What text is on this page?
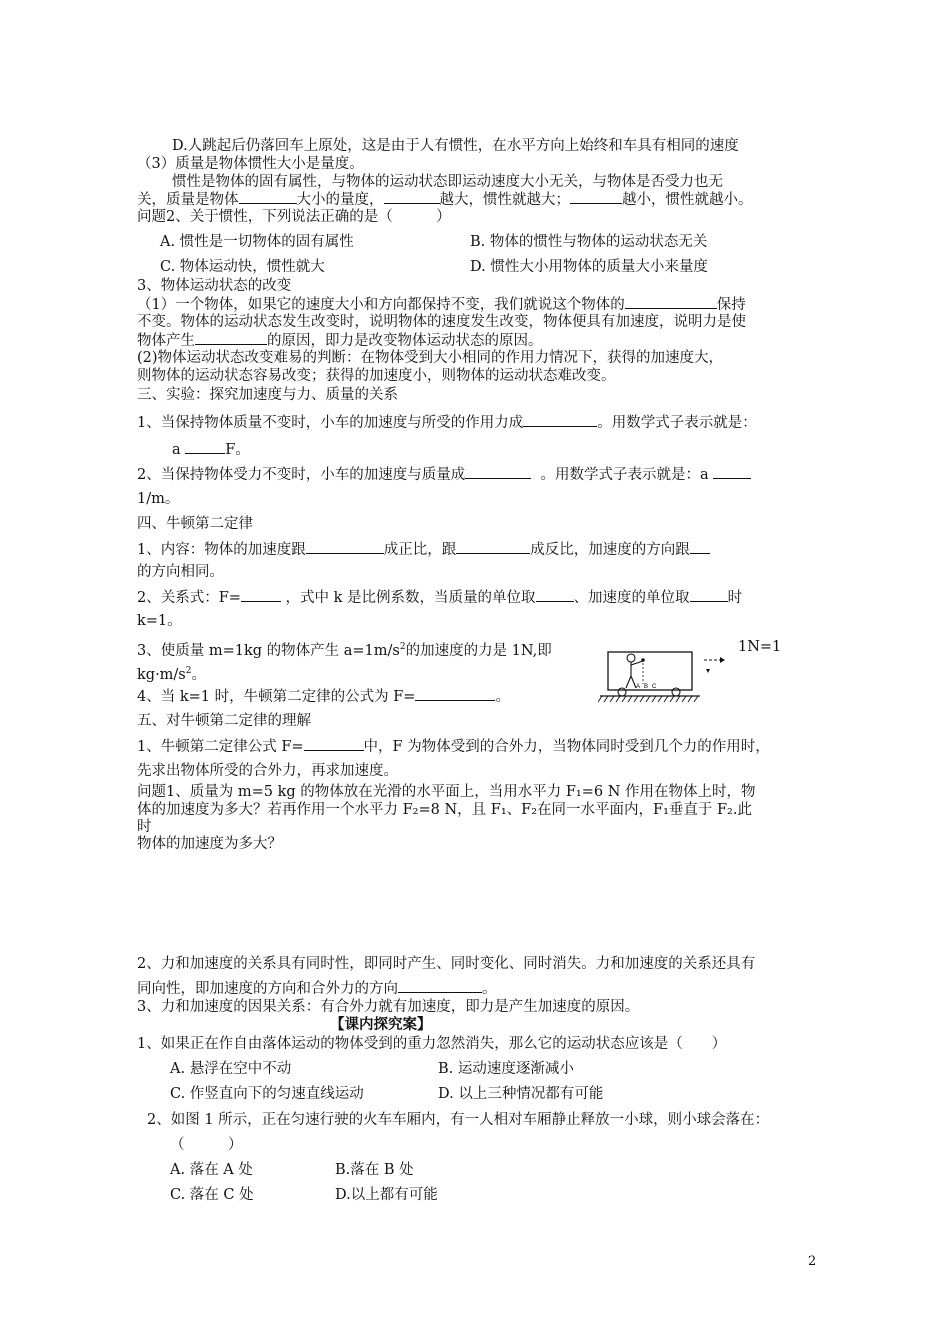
D.人跳起后仍落回车上原处，这是由于人有惯性，在水平方向上始终和车具有相同的速度
（3）质量是物体惯性大小是量度。
惯性是物体的固有属性，与物体的运动状态即运动速度大小无关，与物体是否受力也无
关，质量是物体	大小的量度，	越大，惯性就越大；	越小，惯性就越小。
问题2、关于惯性，下列说法正确的是（　　　）
A. 惯性是一切物体的固有属性	B. 物体的惯性与物体的运动状态无关
C. 物体运动快，惯性就大	D. 惯性大小用物体的质量大小来量度
3、物体运动状态的改变
（1）一个物体，如果它的速度大小和方向都保持不变，我们就说这个物体的	保持
不变。物体的运动状态发生改变时，说明物体的速度发生改变，物体便具有加速度，说明力是使
物体产生	的原因，即力是改变物体运动状态的原因。
(2)物体运动状态改变难易的判断：在物体受到大小相同的作用力情况下，获得的加速度大，
则物体的运动状态容易改变；获得的加速度小，则物体的运动状态难改变。
三、实验：探究加速度与力、质量的关系
1、当保持物体质量不变时，小车的加速度与所受的作用力成	。用数学式子表示就是：
a	F。
2、当保持物体受力不变时，小车的加速度与质量成	。用数学式子表示就是：a
1/m。
四、牛顿第二定律
1、内容：物体的加速度跟	成正比，跟	成反比，加速度的方向跟
的方向相同。
2、关系式：F=	，式中 k 是比例系数，当质量的单位取	、加速度的单位取	时
k=1。
3、使质量 m=1kg 的物体产生 $a=1m/s^2$的加速度的力是 1N,即	1N=1
$kg\cdot m/s^2$。
4、当 k=1 时，牛顿第二定律的公式为 F=	。
A B C
五、对牛顿第二定律的理解
1、牛顿第二定律公式 F=	中，F 为物体受到的合外力，当物体同时受到几个力的作用时，
先求出物体所受的合外力，再求加速度。
问题1、质量为 m=5 kg 的物体放在光滑的水平面上，当用水平力 F₁=6 N 作用在物体上时，物
体的加速度为多大？若再作用一个水平力 F₂=8 N，且 F₁、F₂在同一水平面内，F₁垂直于 F₂.此
时
物体的加速度为多大？
2、力和加速度的关系具有同时性，即同时产生、同时变化、同时消失。力和加速度的关系还具有
同向性，即加速度的方向和合外力的方向	。
3、力和加速度的因果关系：有合外力就有加速度，即力是产生加速度的原因。
【课内探究案】
1、如果正在作自由落体运动的物体受到的重力忽然消失，那么它的运动状态应该是（　　）
A. 悬浮在空中不动	B. 运动速度逐渐减小
C. 作竖直向下的匀速直线运动	D. 以上三种情况都有可能
2、如图 1 所示，正在匀速行驶的火车车厢内，有一人相对车厢静止释放一小球，则小球会落在：
（　　　）
A. 落在 A 处	B.落在 B 处
C. 落在 C 处	D.以上都有可能
2
